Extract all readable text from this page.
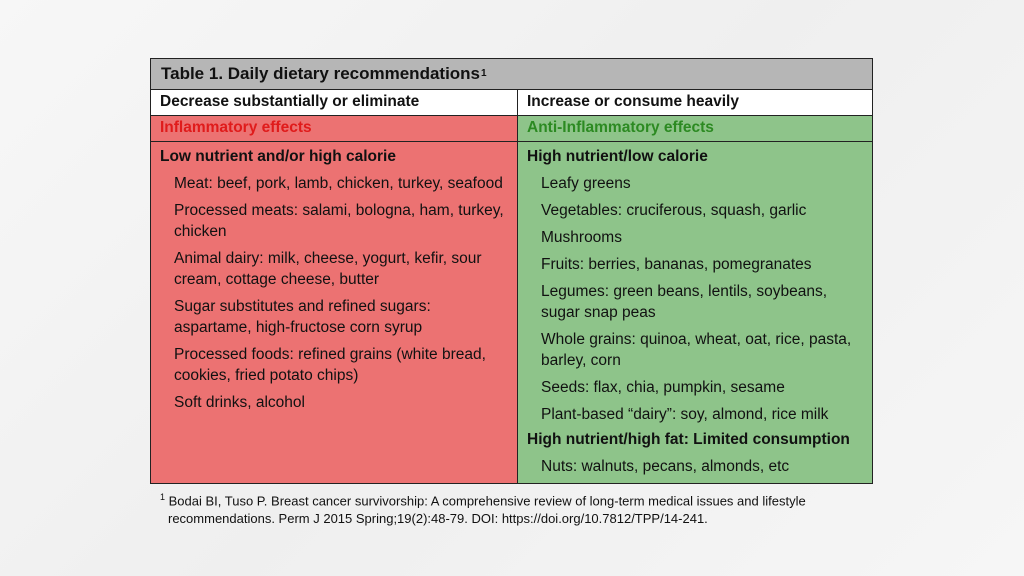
Table 1. Daily dietary recommendations 1
Decrease substantially or eliminate	Increase or consume heavily
Inflammatory effects	Anti-Inflammatory effects
Low nutrient and/or high calorie
Meat: beef, pork, lamb, chicken, turkey, seafood
Processed meats: salami, bologna, ham, turkey, chicken
Animal dairy: milk, cheese, yogurt, kefir, sour cream, cottage cheese, butter
Sugar substitutes and refined sugars: aspartame, high-fructose corn syrup
Processed foods: refined grains (white bread, cookies, fried potato chips)
Soft drinks, alcohol
High nutrient/low calorie
Leafy greens
Vegetables: cruciferous, squash, garlic
Mushrooms
Fruits: berries, bananas, pomegranates
Legumes: green beans, lentils, soybeans, sugar snap peas
Whole grains: quinoa, wheat, oat, rice, pasta, barley, corn
Seeds: flax, chia, pumpkin, sesame
Plant-based “dairy”: soy, almond, rice milk
High nutrient/high fat: Limited consumption
Nuts: walnuts, pecans, almonds, etc
$^1$ Bodai BI, Tuso P. Breast cancer survivorship: A comprehensive review of long-term medical issues and lifestyle
recommendations. Perm J 2015 Spring;19(2):48-79. DOI: https://doi.org/10.7812/TPP/14-241.
